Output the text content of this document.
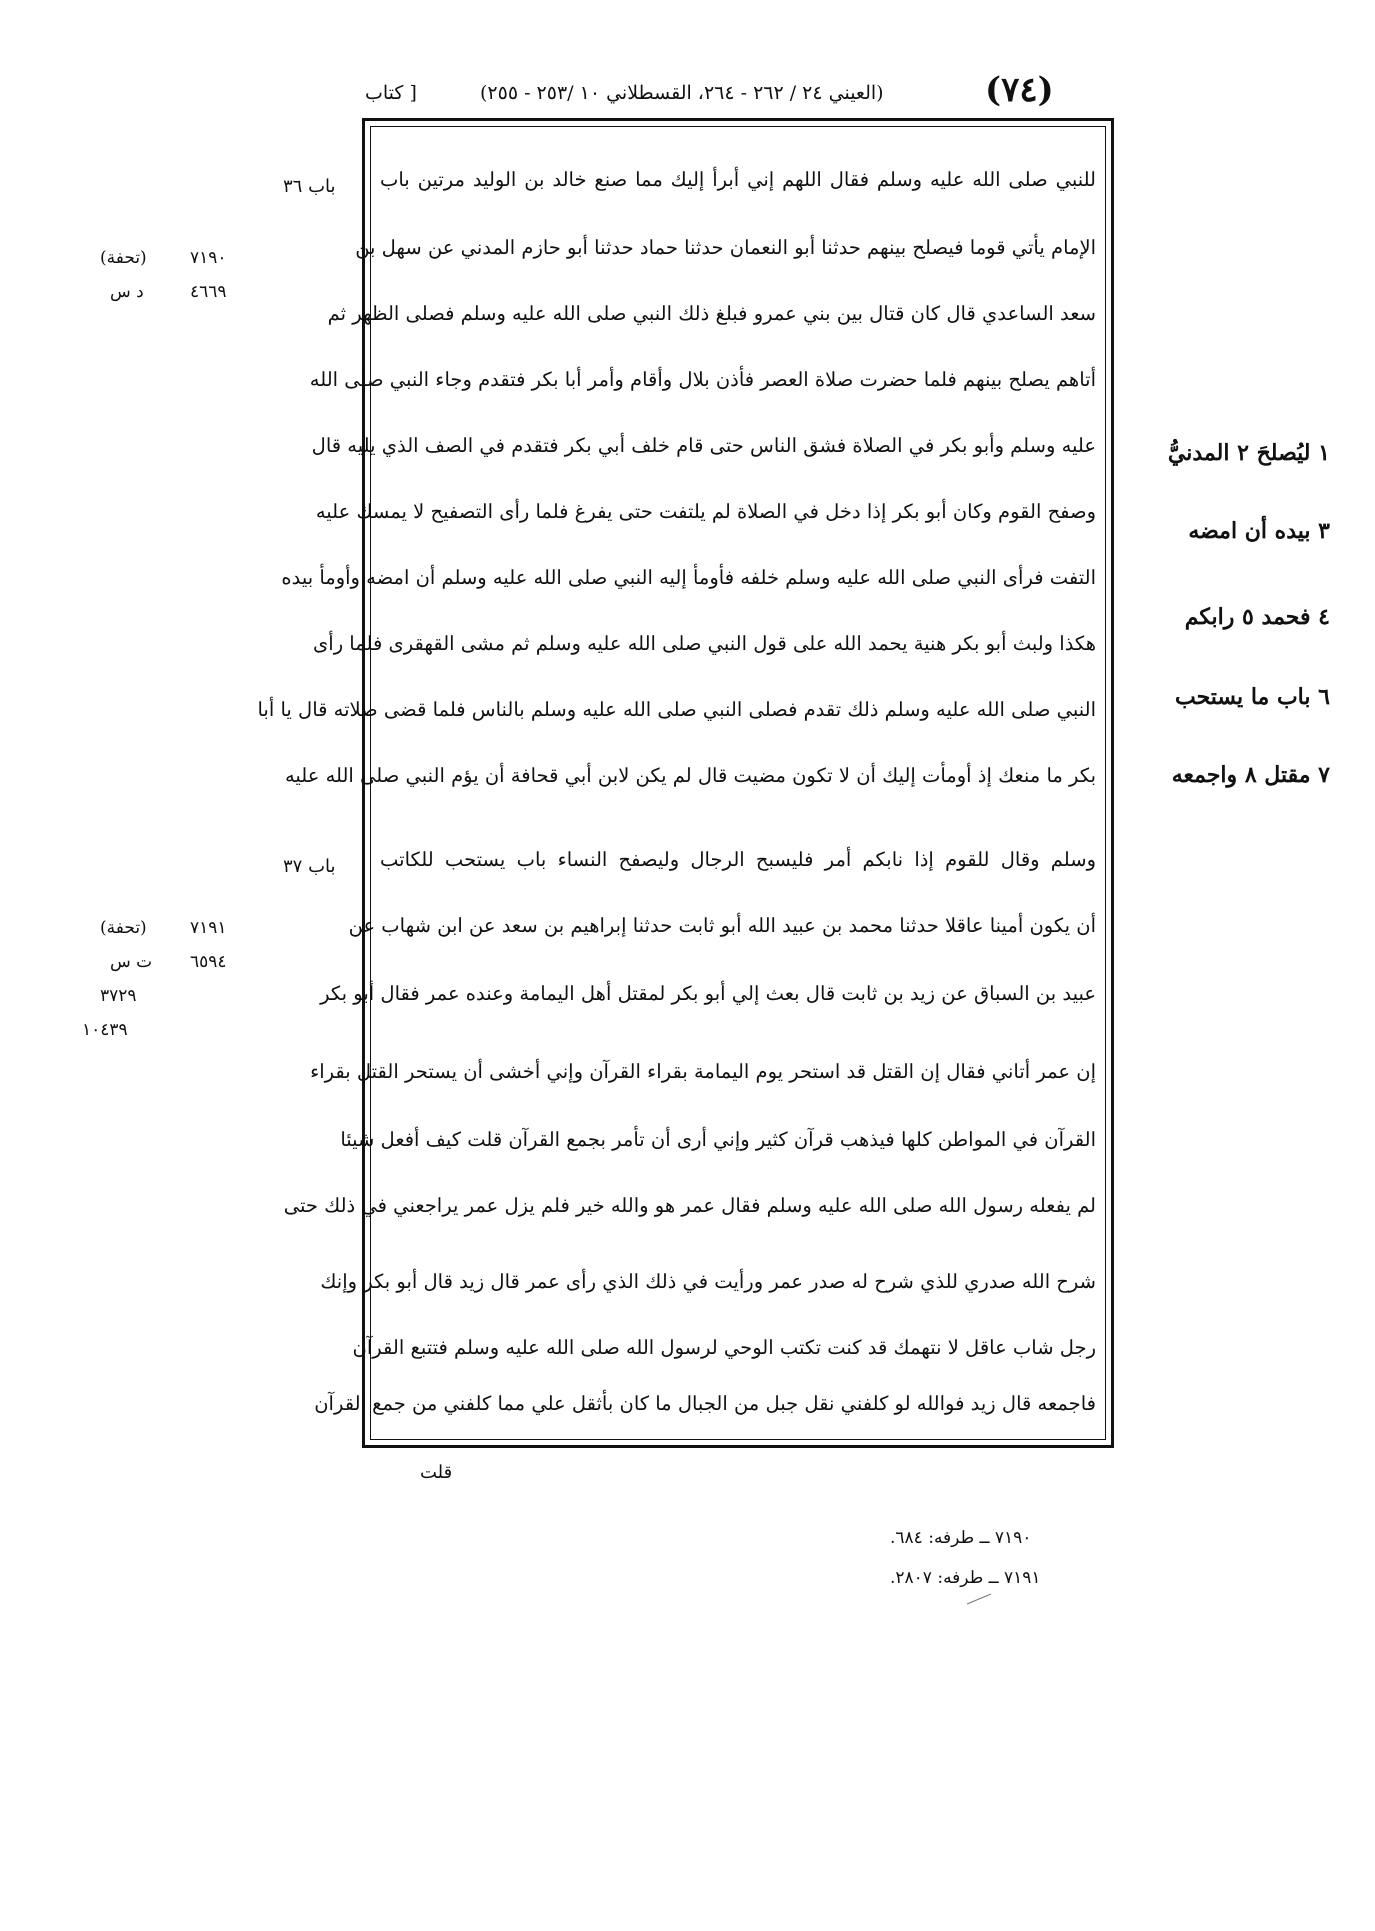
(٧٤)
(العيني ٢٤ / ٢٦٢ - ٢٦٤، القسطلاني ١٠ /٢٥٣ - ٢٥٥)
[ كتاب
٧١٩٠
(تحفة)
٤٦٦٩
د س
٧١٩١
(تحفة)
٦٥٩٤
ت س
٣٧٢٩
١٠٤٣٩
باب ٣٦
باب ٣٧
للنبي صلى الله عليه وسلم فقال اللهم إني أبرأ إليك مما صنع خالد بن الوليد مرتين باب
الإمام يأتي قوما فيصلح بينهم حدثنا أبو النعمان حدثنا حماد حدثنا أبو حازم المدني عن سهل بن
سعد الساعدي قال كان قتال بين بني عمرو فبلغ ذلك النبي صلى الله عليه وسلم فصلى الظهر ثم
أتاهم يصلح بينهم فلما حضرت صلاة العصر فأذن بلال وأقام وأمر أبا بكر فتقدم وجاء النبي صلى الله
عليه وسلم وأبو بكر في الصلاة فشق الناس حتى قام خلف أبي بكر فتقدم في الصف الذي يليه قال
وصفح القوم وكان أبو بكر إذا دخل في الصلاة لم يلتفت حتى يفرغ فلما رأى التصفيح لا يمسك عليه
التفت فرأى النبي صلى الله عليه وسلم خلفه فأومأ إليه النبي صلى الله عليه وسلم أن امضه وأومأ بيده
هكذا ولبث أبو بكر هنية يحمد الله على قول النبي صلى الله عليه وسلم ثم مشى القهقرى فلما رأى
النبي صلى الله عليه وسلم ذلك تقدم فصلى النبي صلى الله عليه وسلم بالناس فلما قضى صلاته قال يا أبا
بكر ما منعك إذ أومأت إليك أن لا تكون مضيت قال لم يكن لابن أبي قحافة أن يؤم النبي صلى الله عليه
وسلم وقال للقوم إذا نابكم أمر فليسبح الرجال وليصفح النساء باب يستحب للكاتب
أن يكون أمينا عاقلا حدثنا محمد بن عبيد الله أبو ثابت حدثنا إبراهيم بن سعد عن ابن شهاب عن
عبيد بن السباق عن زيد بن ثابت قال بعث إلي أبو بكر لمقتل أهل اليمامة وعنده عمر فقال أبو بكر
إن عمر أتاني فقال إن القتل قد استحر يوم اليمامة بقراء القرآن وإني أخشى أن يستحر القتل بقراء
القرآن في المواطن كلها فيذهب قرآن كثير وإني أرى أن تأمر بجمع القرآن قلت كيف أفعل شيئا
لم يفعله رسول الله صلى الله عليه وسلم فقال عمر هو والله خير فلم يزل عمر يراجعني في ذلك حتى
شرح الله صدري للذي شرح له صدر عمر ورأيت في ذلك الذي رأى عمر قال زيد قال أبو بكر وإنك
رجل شاب عاقل لا نتهمك قد كنت تكتب الوحي لرسول الله صلى الله عليه وسلم فتتبع القرآن
فاجمعه قال زيد فوالله لو كلفني نقل جبل من الجبال ما كان بأثقل علي مما كلفني من جمع القرآن
١ ليُصلحَ ٢ المدنيُّ
٣ بيده أن امضه
٤ فحمد ٥ رابكم
٦ باب ما يستحب
٧ مقتل ٨ واجمعه
قلت
٧١٩٠ ــ طرفه: ٦٨٤.
٧١٩١ ــ طرفه: ٢٨٠٧.
